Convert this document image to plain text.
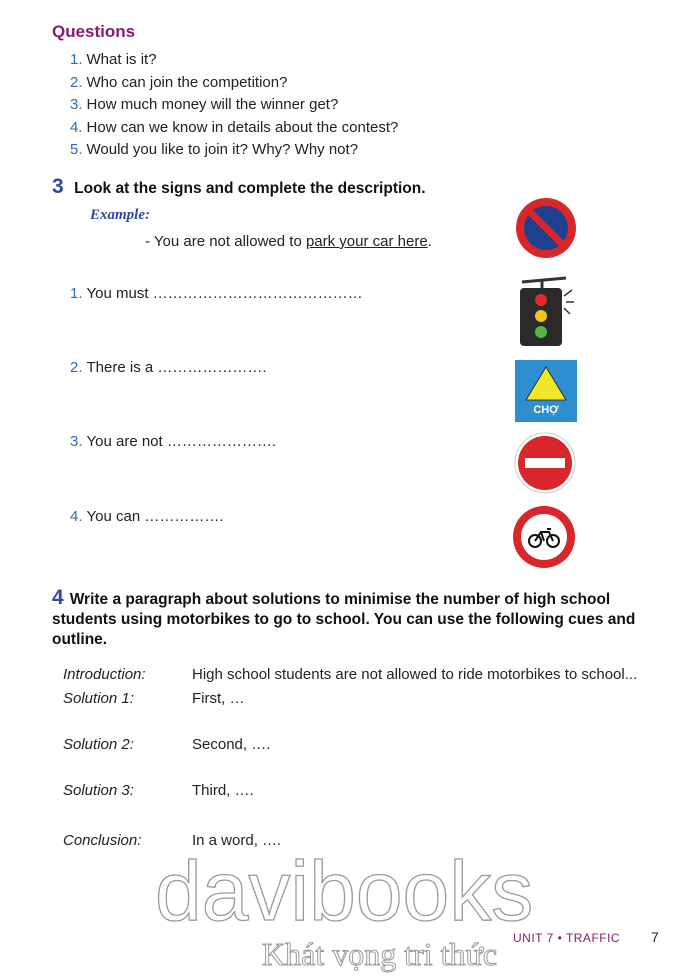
Questions
1. What is it?
2. Who can join the competition?
3. How much money will the winner get?
4. How can we know in details about the contest?
5. Would you like to join it? Why? Why not?
3 Look at the signs and complete the description.
Example:
- You are not allowed to park your car here.
1. You must ……………………………………
2. There is a ………………….
3. You are not ………………….
4. You can …………….
CHỢ
4 Write a paragraph about solutions to minimise the number of high school students using motorbikes to go to school. You can use the following cues and outline.
Introduction:	High school students are not allowed to ride motorbikes to school...
Solution 1:	First, …
Solution 2:	Second, ….
Solution 3:	Third, ….
Conclusion:	In a word, ….
davibooks
Khát vọng tri thức UNIT 7 • TRAFFIC 7
